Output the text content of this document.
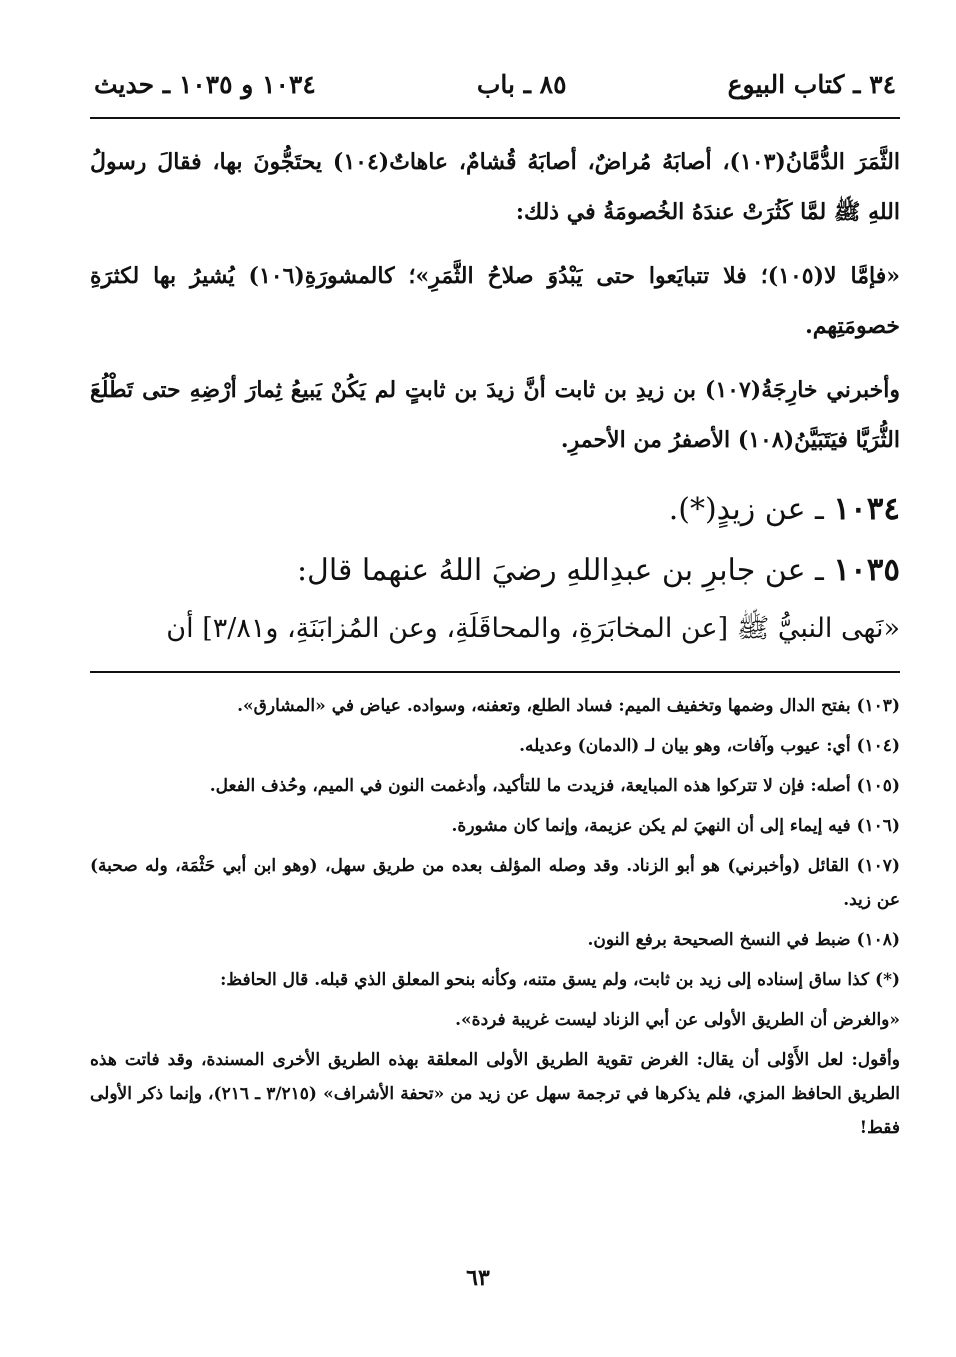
٣٤ ـ كتاب البيوع
٨٥ ـ باب
١٠٣٤ و ١٠٣٥ ـ حديث

الثَّمَرَ الدُّمَّانُ(١٠٣)، أصابَهُ مُراضٌ، أصابَهُ قُشامٌ، عاهاتٌ(١٠٤) يحتَجُّونَ بها، فقالَ رسولُ اللهِ ﷺ لمَّا كَثُرَتْ عندَهُ الخُصومَةُ في ذلك:

«فإمَّا لا(١٠٥)؛ فلا تتبايَعوا حتى يَبْدُوَ صلاحُ الثَّمَرِ»؛ كالمشورَةِ(١٠٦) يُشيرُ بها لكثرَةِ خصومَتِهم.

وأخبرني خارِجَةُ(١٠٧) بن زيدِ بن ثابت أنَّ زيدَ بن ثابتٍ لم يَكُنْ يَبيعُ ثِمارَ أرْضِهِ حتى تَطْلُعَ الثُّرَيَّا فيَتَبَيَّنُ(١٠٨) الأصفرُ من الأحمرِ.

١٠٣٤ ـ عن زيدٍ(*).

١٠٣٥ ـ عن جابرِ بن عبدِاللهِ رضيَ اللهُ عنهما قال:

«نَهى النبيُّ ﷺ [عن المخابَرَةِ، والمحاقَلَةِ، وعن المُزابَنَةِ، و٣/٨١] أن

(١٠٣) بفتح الدال وضمها وتخفيف الميم: فساد الطلع، وتعفنه، وسواده. عياض في «المشارق».

(١٠٤) أي: عيوب وآفات، وهو بيان لـ (الدمان) وعديله.

(١٠٥) أصله: فإن لا تتركوا هذه المبايعة، فزيدت ما للتأكيد، وأدغمت النون في الميم، وحُذف الفعل.

(١٠٦) فيه إيماء إلى أن النهيَ لم يكن عزيمة، وإنما كان مشورة.

(١٠٧) القائل (وأخبرني) هو أبو الزناد. وقد وصله المؤلف بعده من طريق سهل، (وهو ابن أبي حَثْمَة، وله صحبة) عن زيد.

(١٠٨) ضبط في النسخ الصحيحة برفع النون.

(*) كذا ساق إسناده إلى زيد بن ثابت، ولم يسق متنه، وكأنه بنحو المعلق الذي قبله. قال الحافظ:

«والغرض أن الطريق الأولى عن أبي الزناد ليست غريبة فردة».

وأقول: لعل الأَوْلى أن يقال: الغرض تقوية الطريق الأولى المعلقة بهذه الطريق الأخرى المسندة، وقد فاتت هذه الطريق الحافظ المزي، فلم يذكرها في ترجمة سهل عن زيد من «تحفة الأشراف» (٣/٢١٥ ـ ٢١٦)، وإنما ذكر الأولى فقط!

٦٣
